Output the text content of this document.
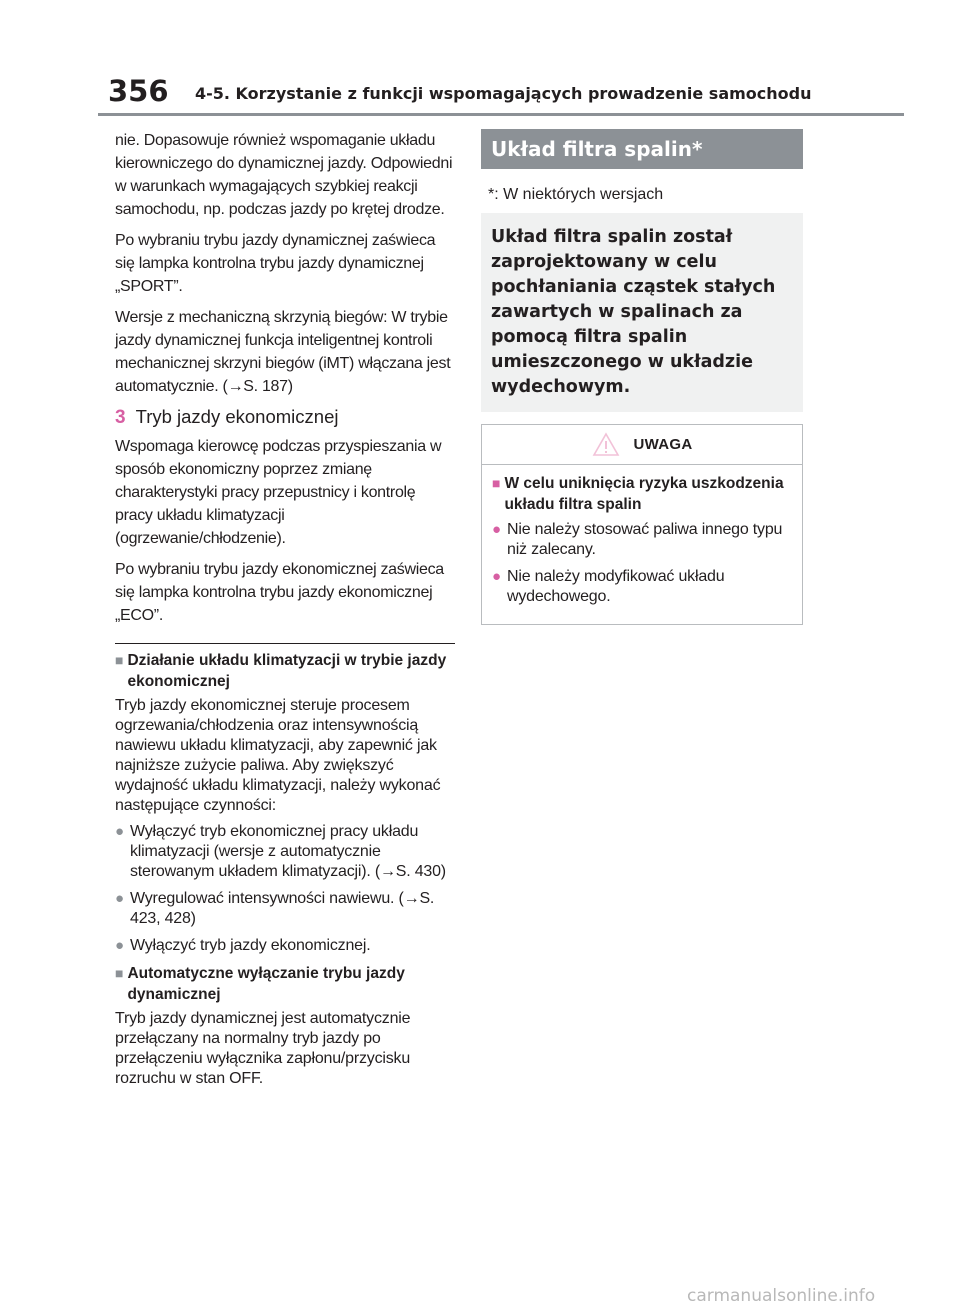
356 4-5. Korzystanie z funkcji wspomagających prowadzenie samochodu

nie. Dopasowuje również wspomaganie układu kierowniczego do dynamicznej jazdy. Odpowiedni w warunkach wymagających szybkiej reakcji samochodu, np. podczas jazdy po krętej drodze.

Po wybraniu trybu jazdy dynamicznej zaświeca się lampka kontrolna trybu jazdy dynamicznej „SPORT”.

Wersje z mechaniczną skrzynią biegów: W trybie jazdy dynamicznej funkcja inteligentnej kontroli mechanicznej skrzyni biegów (iMT) włączana jest automatycznie. (→S. 187)

3 Tryb jazdy ekonomicznej

Wspomaga kierowcę podczas przyspieszania w sposób ekonomiczny poprzez zmianę charakterystyki pracy przepustnicy i kontrolę pracy układu klimatyzacji (ogrzewanie/chłodzenie).

Po wybraniu trybu jazdy ekonomicznej zaświeca się lampka kontrolna trybu jazdy ekonomicznej „ECO”.

■ Działanie układu klimatyzacji w trybie jazdy ekonomicznej

Tryb jazdy ekonomicznej steruje procesem ogrzewania/chłodzenia oraz intensywnością nawiewu układu klimatyzacji, aby zapewnić jak najniższe zużycie paliwa. Aby zwiększyć wydajność układu klimatyzacji, należy wykonać następujące czynności:

● Wyłączyć tryb ekonomicznej pracy układu klimatyzacji (wersje z automatycznie sterowanym układem klimatyzacji). (→S. 430)
● Wyregulować intensywności nawiewu. (→S. 423, 428)
● Wyłączyć tryb jazdy ekonomicznej.
■ Automatyczne wyłączanie trybu jazdy dynamicznej

Tryb jazdy dynamicznej jest automatycznie przełączany na normalny tryb jazdy po przełączeniu wyłącznika zapłonu/przycisku rozruchu w stan OFF.

Układ filtra spalin*

*: W niektórych wersjach

Układ filtra spalin został zaprojektowany w celu pochłaniania cząstek stałych zawartych w spalinach za pomocą filtra spalin umieszczonego w układzie wydechowym.
UWAGA
■ W celu uniknięcia ryzyka uszkodzenia układu filtra spalin
● Nie należy stosować paliwa innego typu niż zalecany.
● Nie należy modyfikować układu wydechowego.
carmanualsonline.info
